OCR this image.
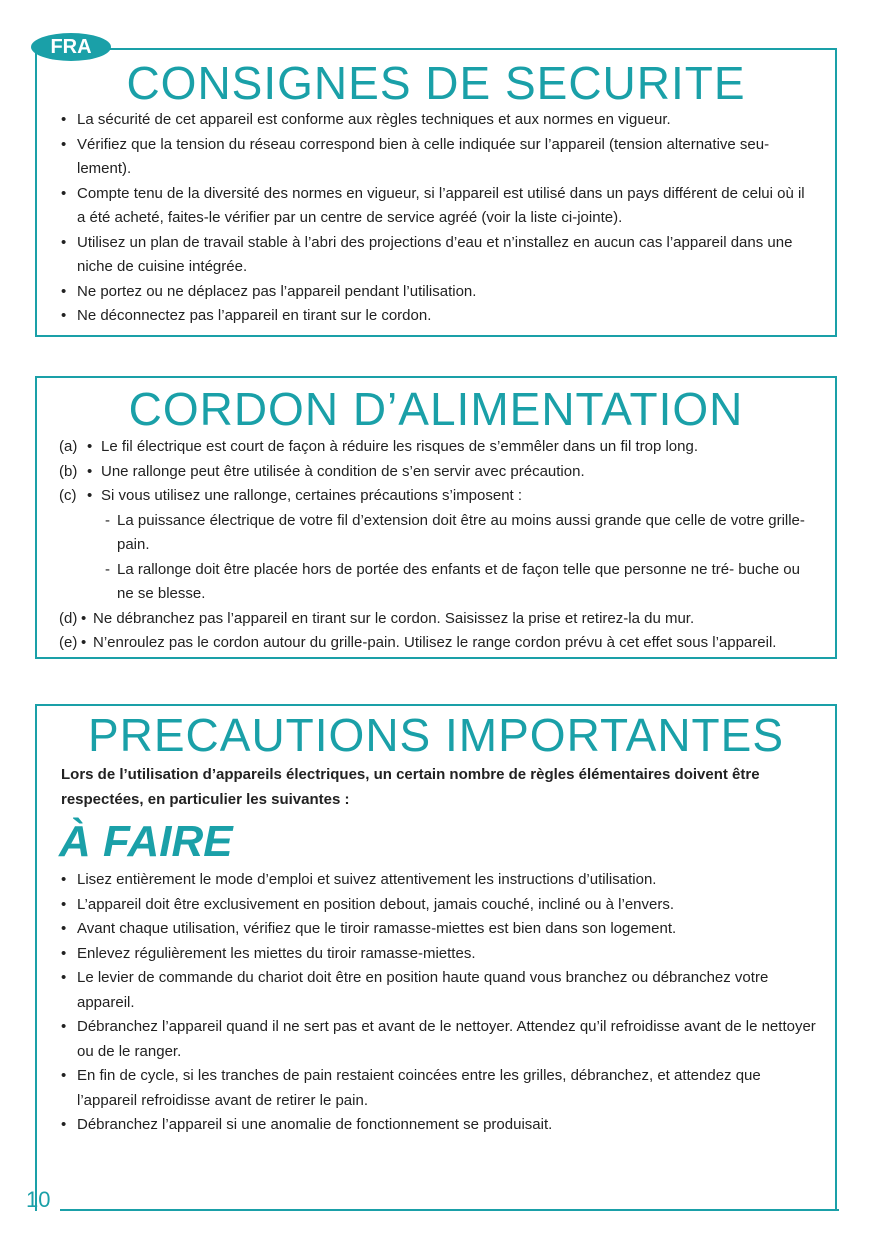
FRA
CONSIGNES DE SECURITE
• La sécurité de cet appareil est conforme aux règles techniques et aux normes en vigueur.
• Vérifiez que la tension du réseau correspond bien à celle indiquée sur l’appareil (tension alternative seu- lement).
• Compte tenu de la diversité des normes en vigueur, si l’appareil est utilisé dans un pays différent de celui où il a été acheté, faites-le vérifier par un centre de service agréé (voir la liste ci-jointe).
• Utilisez un plan de travail stable à l’abri des projections d’eau et n’installez en aucun cas l’appareil dans une niche de cuisine intégrée.
• Ne portez ou ne déplacez pas l’appareil pendant l’utilisation.
• Ne déconnectez pas l’appareil en tirant sur le cordon.
CORDON D’ALIMENTATION
(a) • Le fil électrique est court de façon à réduire les risques de s’emmêler dans un fil trop long.
(b) • Une rallonge peut être utilisée à condition de s’en servir avec précaution.
(c) • Si vous utilisez une rallonge, certaines précautions s’imposent :
- La puissance électrique de votre fil d’extension doit être au moins aussi grande que celle de votre grille-pain.
- La rallonge doit être placée hors de portée des enfants et de façon telle que personne ne tré- buche ou ne se blesse.
(d) • Ne débranchez pas l’appareil en tirant sur le cordon. Saisissez la prise et retirez-la du mur.
(e) • N’enroulez pas le cordon autour du grille-pain. Utilisez le range cordon prévu à cet effet sous l’appareil.
PRECAUTIONS IMPORTANTES

Lors de l’utilisation d’appareils électriques, un certain nombre de règles élémentaires doivent être respectées, en particulier les suivantes :

À FAIRE
• Lisez entièrement le mode d’emploi et suivez attentivement les instructions d’utilisation.
• L’appareil doit être exclusivement en position debout, jamais couché, incliné ou à l’envers.
• Avant chaque utilisation, vérifiez que le tiroir ramasse-miettes est bien dans son logement.
• Enlevez régulièrement les miettes du tiroir ramasse-miettes.
• Le levier de commande du chariot doit être en position haute quand vous branchez ou débranchez votre appareil.
• Débranchez l’appareil quand il ne sert pas et avant de le nettoyer. Attendez qu’il refroidisse avant de le nettoyer ou de le ranger.
• En fin de cycle, si les tranches de pain restaient coincées entre les grilles, débranchez, et attendez que l’appareil refroidisse avant de retirer le pain.
• Débranchez l’appareil si une anomalie de fonctionnement se produisait.
10
